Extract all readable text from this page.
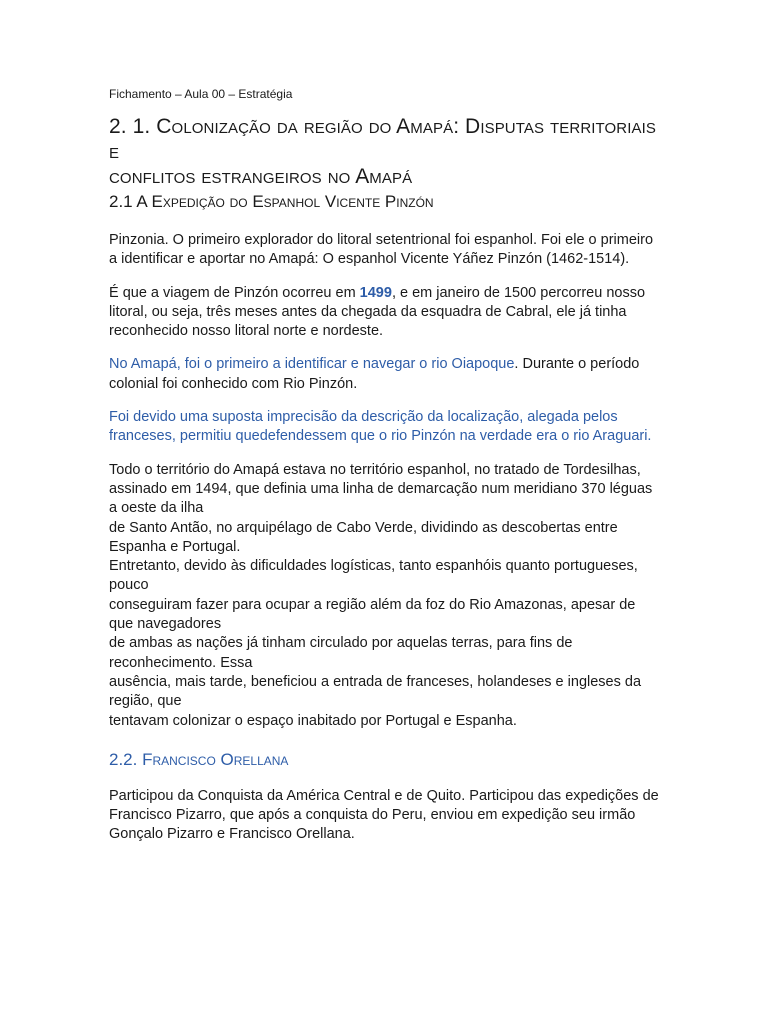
Fichamento – Aula 00 – Estratégia
2. 1. Colonização da região do Amapá: Disputas territoriais e
conflitos estrangeiros no Amapá
2.1 A Expedição do Espanhol Vicente Pinzón

Pinzonia. O primeiro explorador do litoral setentrional foi espanhol. Foi ele o primeiro a identificar e aportar no Amapá: O espanhol Vicente Yáñez Pinzón (1462-1514).

É que a viagem de Pinzón ocorreu em 1499, e em janeiro de 1500 percorreu nosso litoral, ou seja, três meses antes da chegada da esquadra de Cabral, ele já tinha reconhecido nosso litoral norte e nordeste.

No Amapá, foi o primeiro a identificar e navegar o rio Oiapoque. Durante o período colonial foi conhecido com Rio Pinzón.

Foi devido uma suposta imprecisão da descrição da localização, alegada pelos franceses, permitiu quedefendessem que o rio Pinzón na verdade era o rio Araguari.

Todo o território do Amapá estava no território espanhol, no tratado de Tordesilhas,

assinado em 1494, que definia uma linha de demarcação num meridiano 370 léguas a oeste da ilha

de Santo Antão, no arquipélago de Cabo Verde, dividindo as descobertas entre Espanha e Portugal.

Entretanto, devido às dificuldades logísticas, tanto espanhóis quanto portugueses, pouco

conseguiram fazer para ocupar a região além da foz do Rio Amazonas, apesar de que navegadores

de ambas as nações já tinham circulado por aquelas terras, para fins de reconhecimento. Essa

ausência, mais tarde, beneficiou a entrada de franceses, holandeses e ingleses da região, que

tentavam colonizar o espaço inabitado por Portugal e Espanha.

2.2. Francisco Orellana

Participou da Conquista da América Central e de Quito. Participou das expedições de Francisco Pizarro, que após a conquista do Peru, enviou em expedição seu irmão Gonçalo Pizarro e Francisco Orellana.
